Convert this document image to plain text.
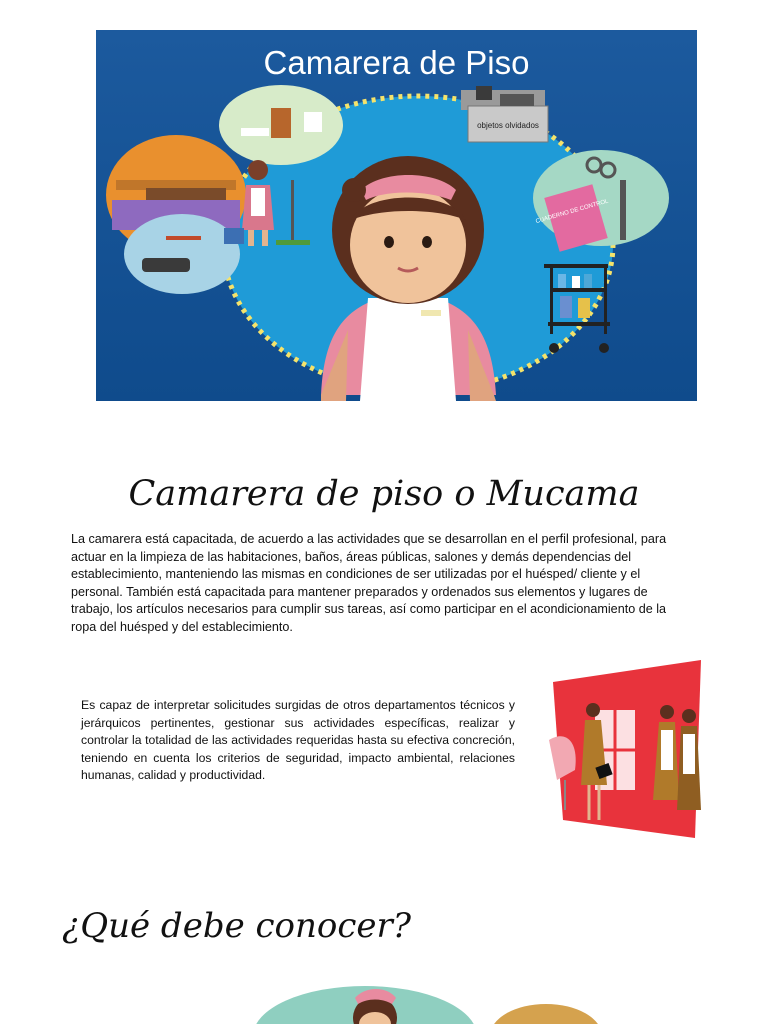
objetos olvidados
CUADERNO DE CONTROL
Camarera de Piso
Camarera de piso o Mucama
La camarera está capacitada, de acuerdo a las actividades que se desarrollan en el perfil profesional, para actuar en la limpieza de las habitaciones, baños, áreas públicas, salones y demás dependencias del establecimiento, manteniendo las mismas en condiciones de ser utilizadas por el huésped/ cliente y el personal. También está capacitada para mantener preparados y ordenados sus elementos y lugares de trabajo, los artículos necesarios para cumplir sus tareas, así como participar en el acondicionamiento de la ropa del huésped y del establecimiento.
Es capaz de interpretar solicitudes surgidas de otros departamentos técnicos y jerárquicos pertinentes, gestionar sus actividades específicas, realizar y controlar la totalidad de las actividades requeridas hasta su efectiva concreción, teniendo en cuenta los criterios de seguridad, impacto ambiental, relaciones humanas, calidad y productividad.
¿Qué debe conocer?
